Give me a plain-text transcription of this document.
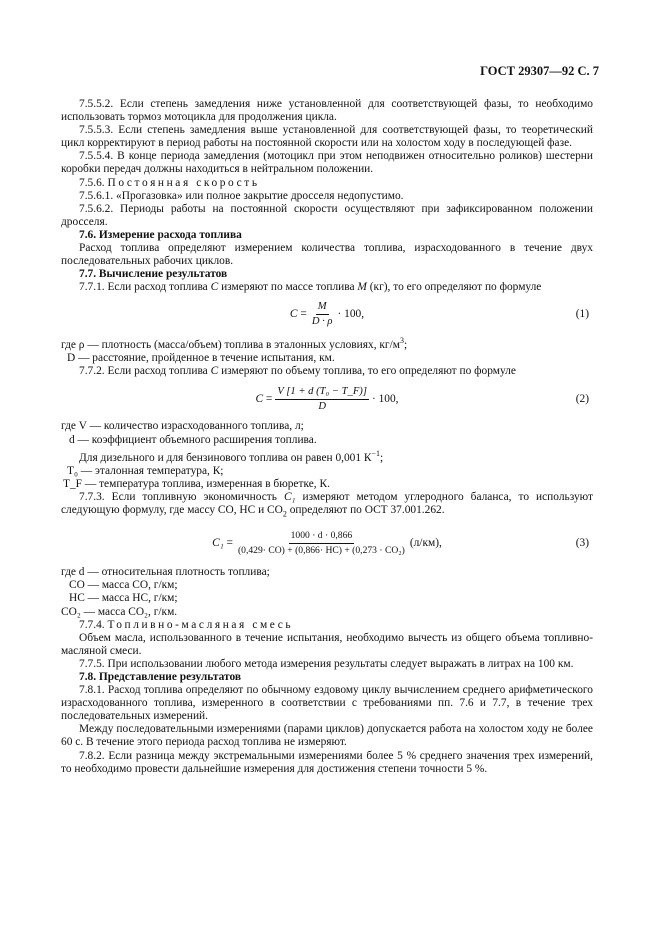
ГОСТ 29307—92 С. 7

7.5.5.2. Если степень замедления ниже установленной для соответствующей фазы, то необходимо использовать тормоз мотоцикла для продолжения цикла.

7.5.5.3. Если степень замедления выше установленной для соответствующей фазы, то теоретический цикл корректируют в период работы на постоянной скорости или на холостом ходу в последующей фазе.

7.5.5.4. В конце периода замедления (мотоцикл при этом неподвижен относительно роликов) шестерни коробки передач должны находиться в нейтральном положении.

7.5.6. Постоянная скорость

7.5.6.1. «Прогазовка» или полное закрытие дросселя недопустимо.

7.5.6.2. Периоды работы на постоянной скорости осуществляют при зафиксированном положении дросселя.

7.6. Измерение расхода топлива

Расход топлива определяют измерением количества топлива, израсходованного в течение двух последовательных рабочих циклов.

7.7. Вычисление результатов

7.7.1. Если расход топлива C измеряют по массе топлива M (кг), то его определяют по формуле

$C = \frac{M}{D \cdot \rho} \cdot 100$,	(1)

где ρ — плотность (масса/объем) топлива в эталонных условиях, $кг/м^3$;

D — расстояние, пройденное в течение испытания, км.

7.7.2. Если расход топлива C измеряют по объему топлива, то его определяют по формуле

$C = \frac{\text{V [1 + d (T₀ − T\_F)]}}{D} \cdot 100$,	(2)

где V — количество израсходованного топлива, л;

d — коэффициент объемного расширения топлива.

Для дизельного и для бензинового топлива он равен 0,001 $К^{-1}$;

T₀ — эталонная температура, К;

T_F — температура топлива, измеренная в бюретке, К.

7.7.3. Если топливную экономичность C₁ измеряют методом углеродного баланса, то используют следующую формулу, где массу СО, НС и $СО_2$ определяют по ОСТ 37.001.262.

$C_1 = \frac{1000 \cdot d \cdot 0,866}{\text{(0,429· CO) + (0,866· HC) + (0,273 · CO₂)}} (л/км)$,	(3)

где d — относительная плотность топлива;

СО — масса СО, г/км;

НС — масса НС, г/км;

СО₂ — масса СО₂, г/км.

7.7.4. Топливно-масляная смесь

Объем масла, использованного в течение испытания, необходимо вычесть из общего объема топливно-масляной смеси.

7.7.5. При использовании любого метода измерения результаты следует выражать в литрах на 100 км.

7.8. Представление результатов

7.8.1. Расход топлива определяют по обычному ездовому циклу вычислением среднего арифметического израсходованного топлива, измеренного в соответствии с требованиями пп. 7.6 и 7.7, в течение трех последовательных измерений.

Между последовательными измерениями (парами циклов) допускается работа на холостом ходу не более 60 с. В течение этого периода расход топлива не измеряют.

7.8.2. Если разница между экстремальными измерениями более 5 % среднего значения трех измерений, то необходимо провести дальнейшие измерения для достижения степени точности 5 %.
